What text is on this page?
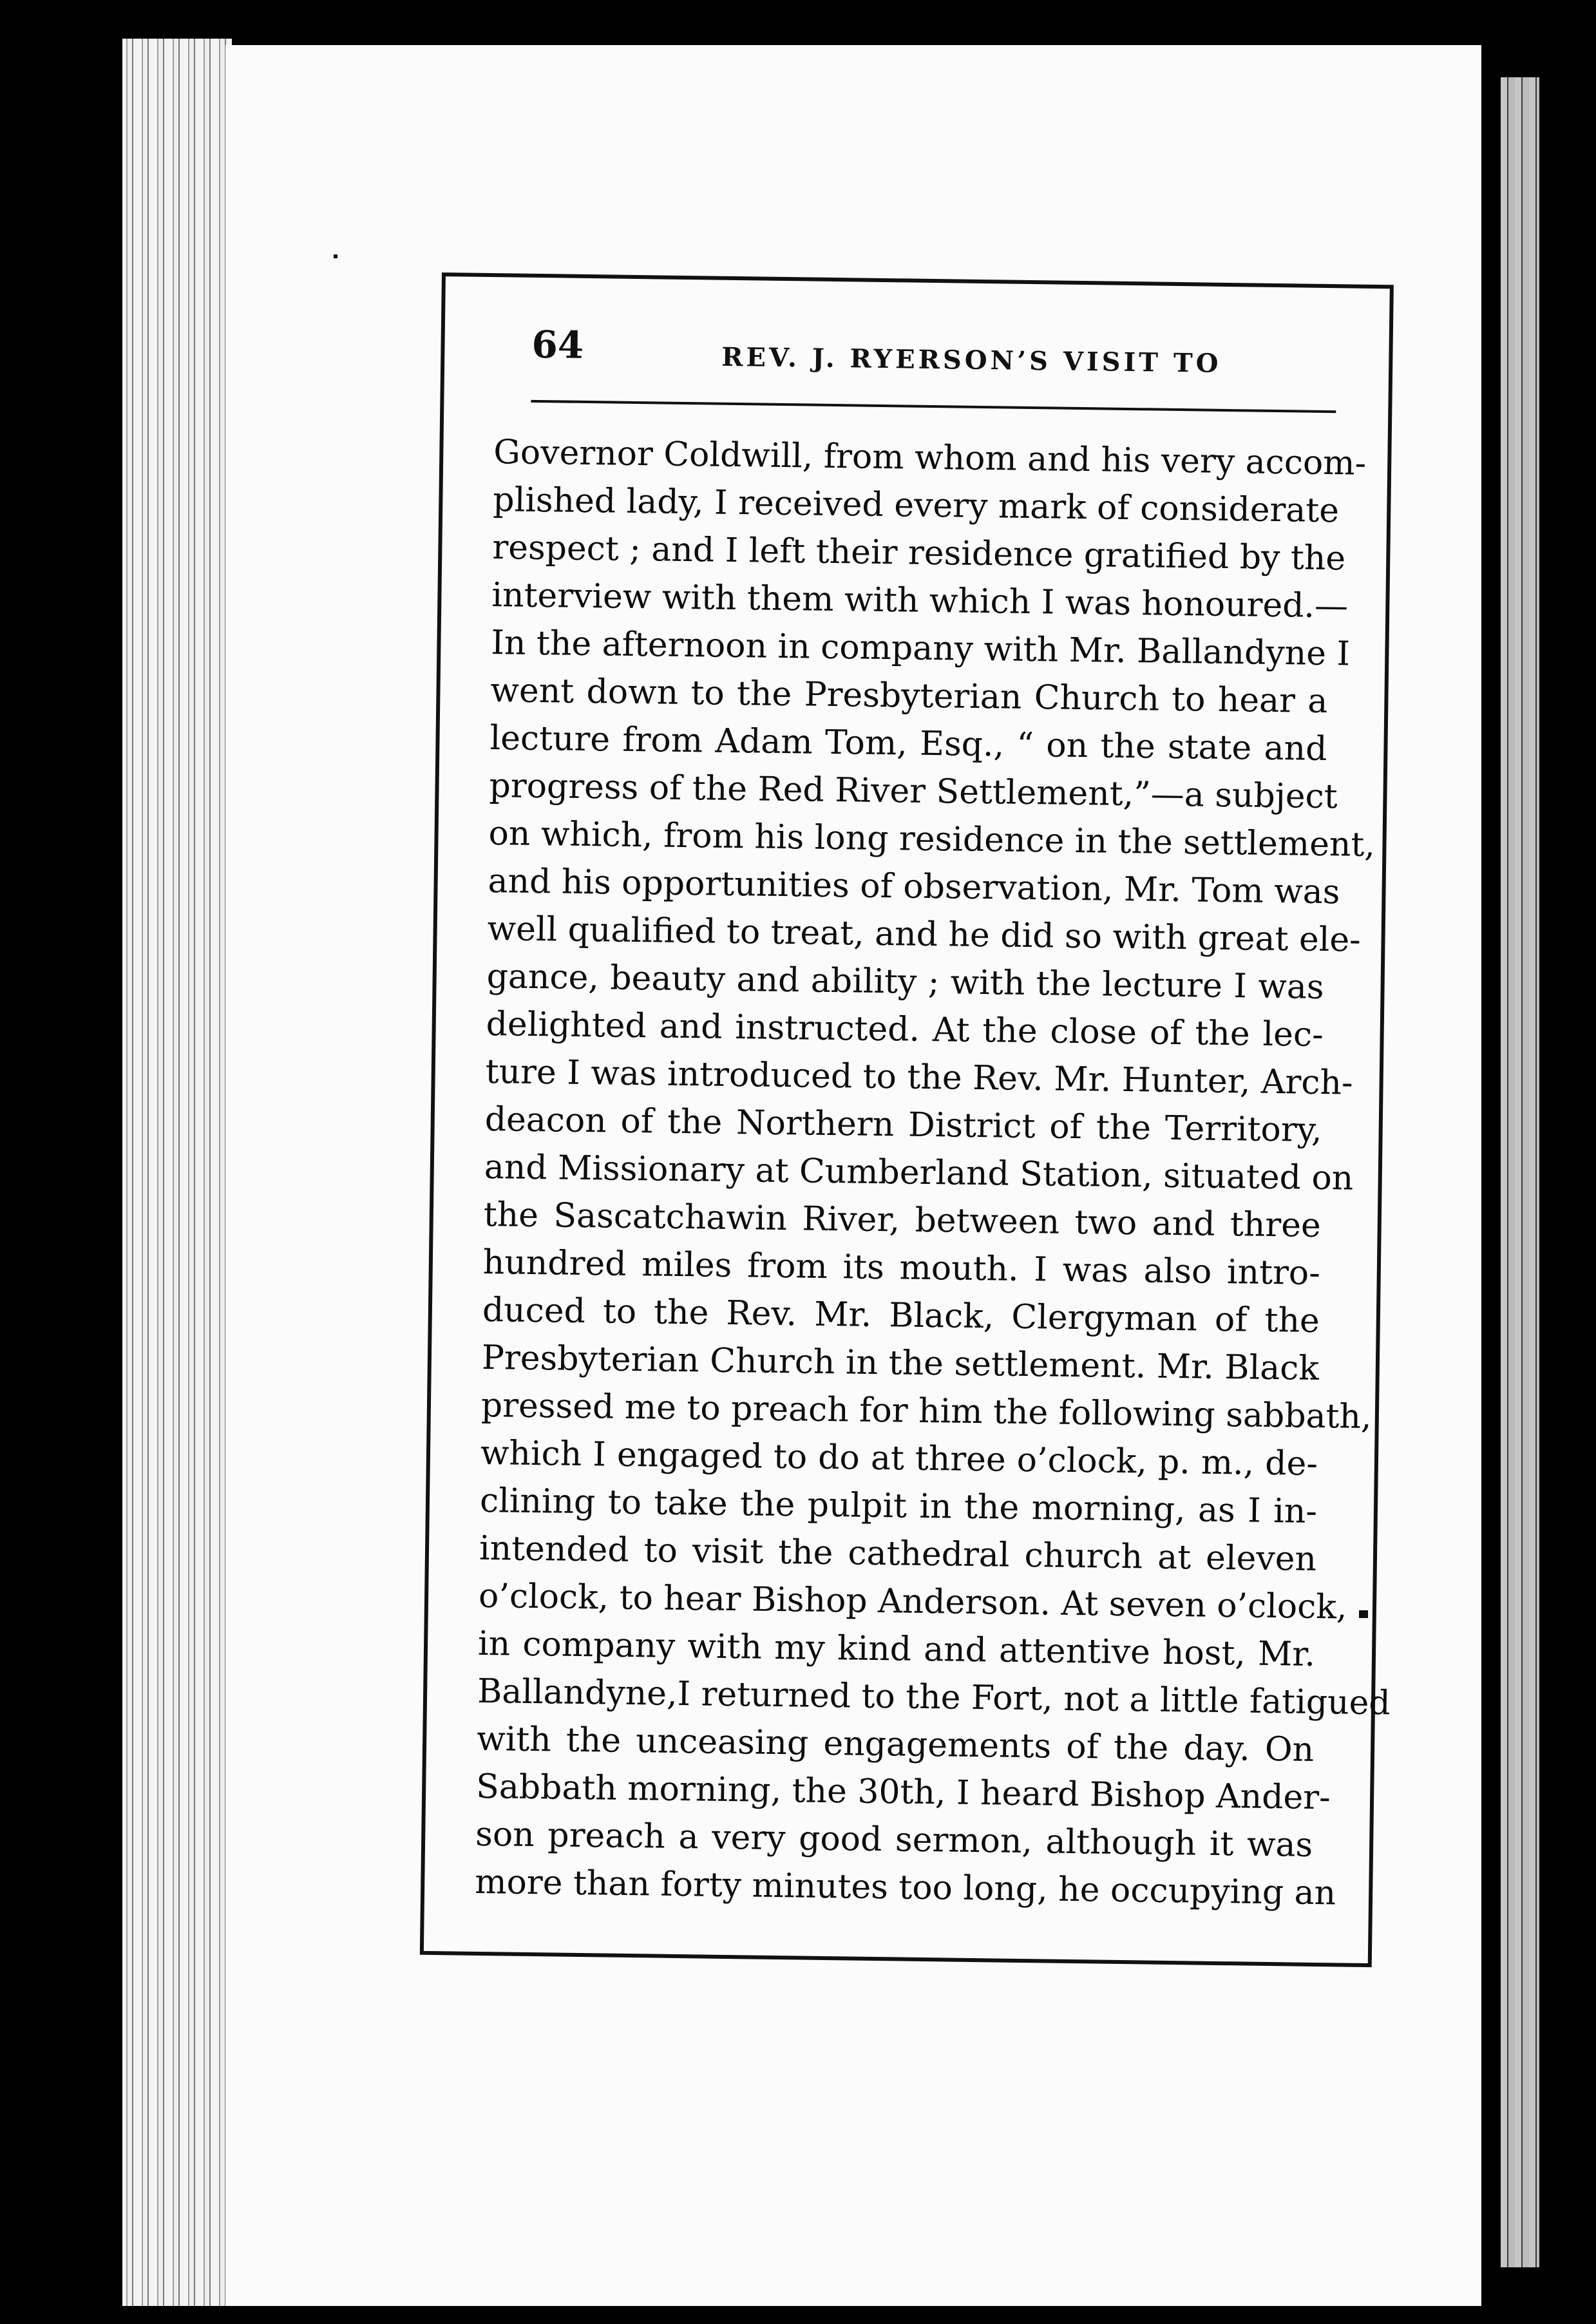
64	REV. J. RYERSON’S VISIT TO
Governor Coldwill, from whom and his very accom-
plished lady, I received every mark of considerate
respect ; and I left their residence gratified by the
interview with them with which I was honoured.—
In the afternoon in company with Mr. Ballandyne I
went down to the Presbyterian Church to hear a
lecture from Adam Tom, Esq., “ on the state and
progress of the Red River Settlement,”—a subject
on which, from his long residence in the settlement,
and his opportunities of observation, Mr. Tom was
well qualified to treat, and he did so with great ele-
gance, beauty and ability ; with the lecture I was
delighted and instructed. At the close of the lec-
ture I was introduced to the Rev. Mr. Hunter, Arch-
deacon of the Northern District of the Territory,
and Missionary at Cumberland Station, situated on
the Sascatchawin River, between two and three
hundred miles from its mouth. I was also intro-
duced to the Rev. Mr. Black, Clergyman of the
Presbyterian Church in the settlement. Mr. Black
pressed me to preach for him the following sabbath,
which I engaged to do at three o’clock, p. m., de-
clining to take the pulpit in the morning, as I in-
intended to visit the cathedral church at eleven
o’clock, to hear Bishop Anderson. At seven o’clock,
in company with my kind and attentive host, Mr.
Ballandyne,I returned to the Fort, not a little fatigued
with the unceasing engagements of the day. On
Sabbath morning, the 30th, I heard Bishop Ander-
son preach a very good sermon, although it was
more than forty minutes too long, he occupying an
